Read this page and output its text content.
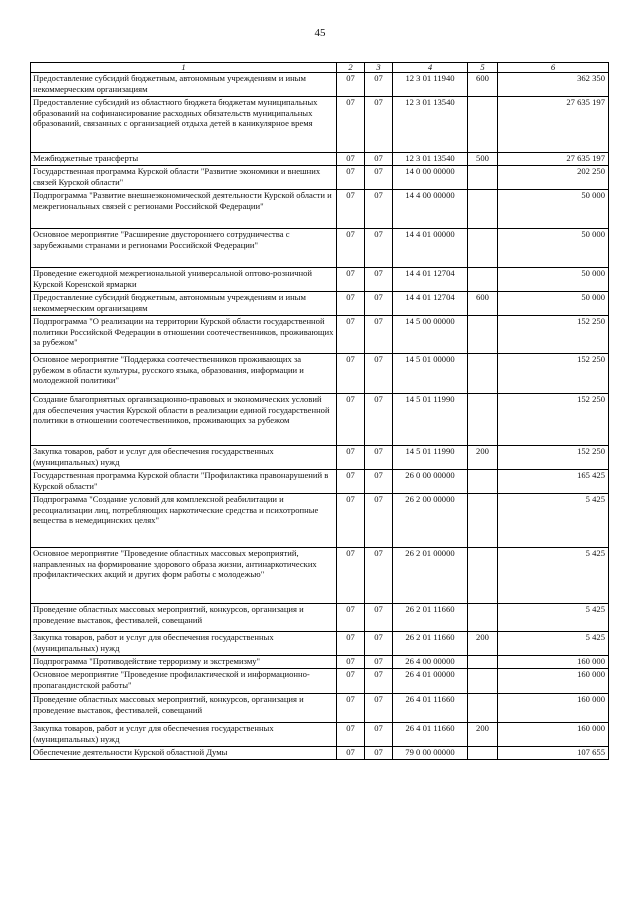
45
1	2	3	4	5	6
Предоставление субсидий бюджетным, автономным учреждениям и иным некоммерческим организациям	07	07	12 3 01 11940	600	362 350
Предоставление субсидий из областного бюджета бюджетам муниципальных образований на софинансирование расходных обязательств муниципальных образований, связанных с организацией отдыха детей в каникулярное время	07	07	12 3 01 13540		27 635 197
Межбюджетные трансферты	07	07	12 3 01 13540	500	27 635 197
Государственная программа Курской области "Развитие экономики и внешних связей Курской области"	07	07	14 0 00 00000		202 250
Подпрограмма "Развитие внешнеэкономической деятельности Курской области и межрегиональных связей с регионами Российской Федерации"	07	07	14 4 00 00000		50 000
Основное мероприятие "Расширение двустороннего сотрудничества с зарубежными странами и регионами Российской Федерации"	07	07	14 4 01 00000		50 000
Проведение ежегодной межрегиональной универсальной оптово-розничной Курской Коренской ярмарки	07	07	14 4 01 12704		50 000
Предоставление субсидий бюджетным, автономным учреждениям и иным некоммерческим организациям	07	07	14 4 01 12704	600	50 000
Подпрограмма "О реализации на территории Курской области государственной политики Российской Федерации в отношении соотечественников, проживающих за рубежом"	07	07	14 5 00 00000		152 250
Основное мероприятие "Поддержка соотечественников проживающих за рубежом в области культуры, русского языка, образования, информации и молодежной политики"	07	07	14 5 01 00000		152 250
Создание благоприятных организационно-правовых и экономических условий для обеспечения участия Курской области в реализации единой государственной политики в отношении соотечественников, проживающих за рубежом	07	07	14 5 01 11990		152 250
Закупка товаров, работ и услуг для обеспечения государственных (муниципальных) нужд	07	07	14 5 01 11990	200	152 250
Государственная программа Курской области "Профилактика правонарушений в Курской области"	07	07	26 0 00 00000		165 425
Подпрограмма "Создание условий для комплексной реабилитации и ресоциализации лиц, потребляющих наркотические средства и психотропные вещества в немедицинских целях"	07	07	26 2 00 00000		5 425
Основное мероприятие "Проведение областных массовых мероприятий, направленных на формирование здорового образа жизни, антинаркотических профилактических акций и других форм работы с молодежью"	07	07	26 2 01 00000		5 425
Проведение областных массовых мероприятий, конкурсов, организация и проведение выставок, фестивалей, совещаний	07	07	26 2 01 11660		5 425
Закупка товаров, работ и услуг для обеспечения государственных (муниципальных) нужд	07	07	26 2 01 11660	200	5 425
Подпрограмма "Противодействие терроризму и экстремизму"	07	07	26 4 00 00000		160 000
Основное мероприятие "Проведение профилактической и информационно-пропагандистской работы"	07	07	26 4 01 00000		160 000
Проведение областных массовых мероприятий, конкурсов, организация и проведение выставок, фестивалей, совещаний	07	07	26 4 01 11660		160 000
Закупка товаров, работ и услуг для обеспечения государственных (муниципальных) нужд	07	07	26 4 01 11660	200	160 000
Обеспечение деятельности Курской областной Думы	07	07	79 0 00 00000		107 655
